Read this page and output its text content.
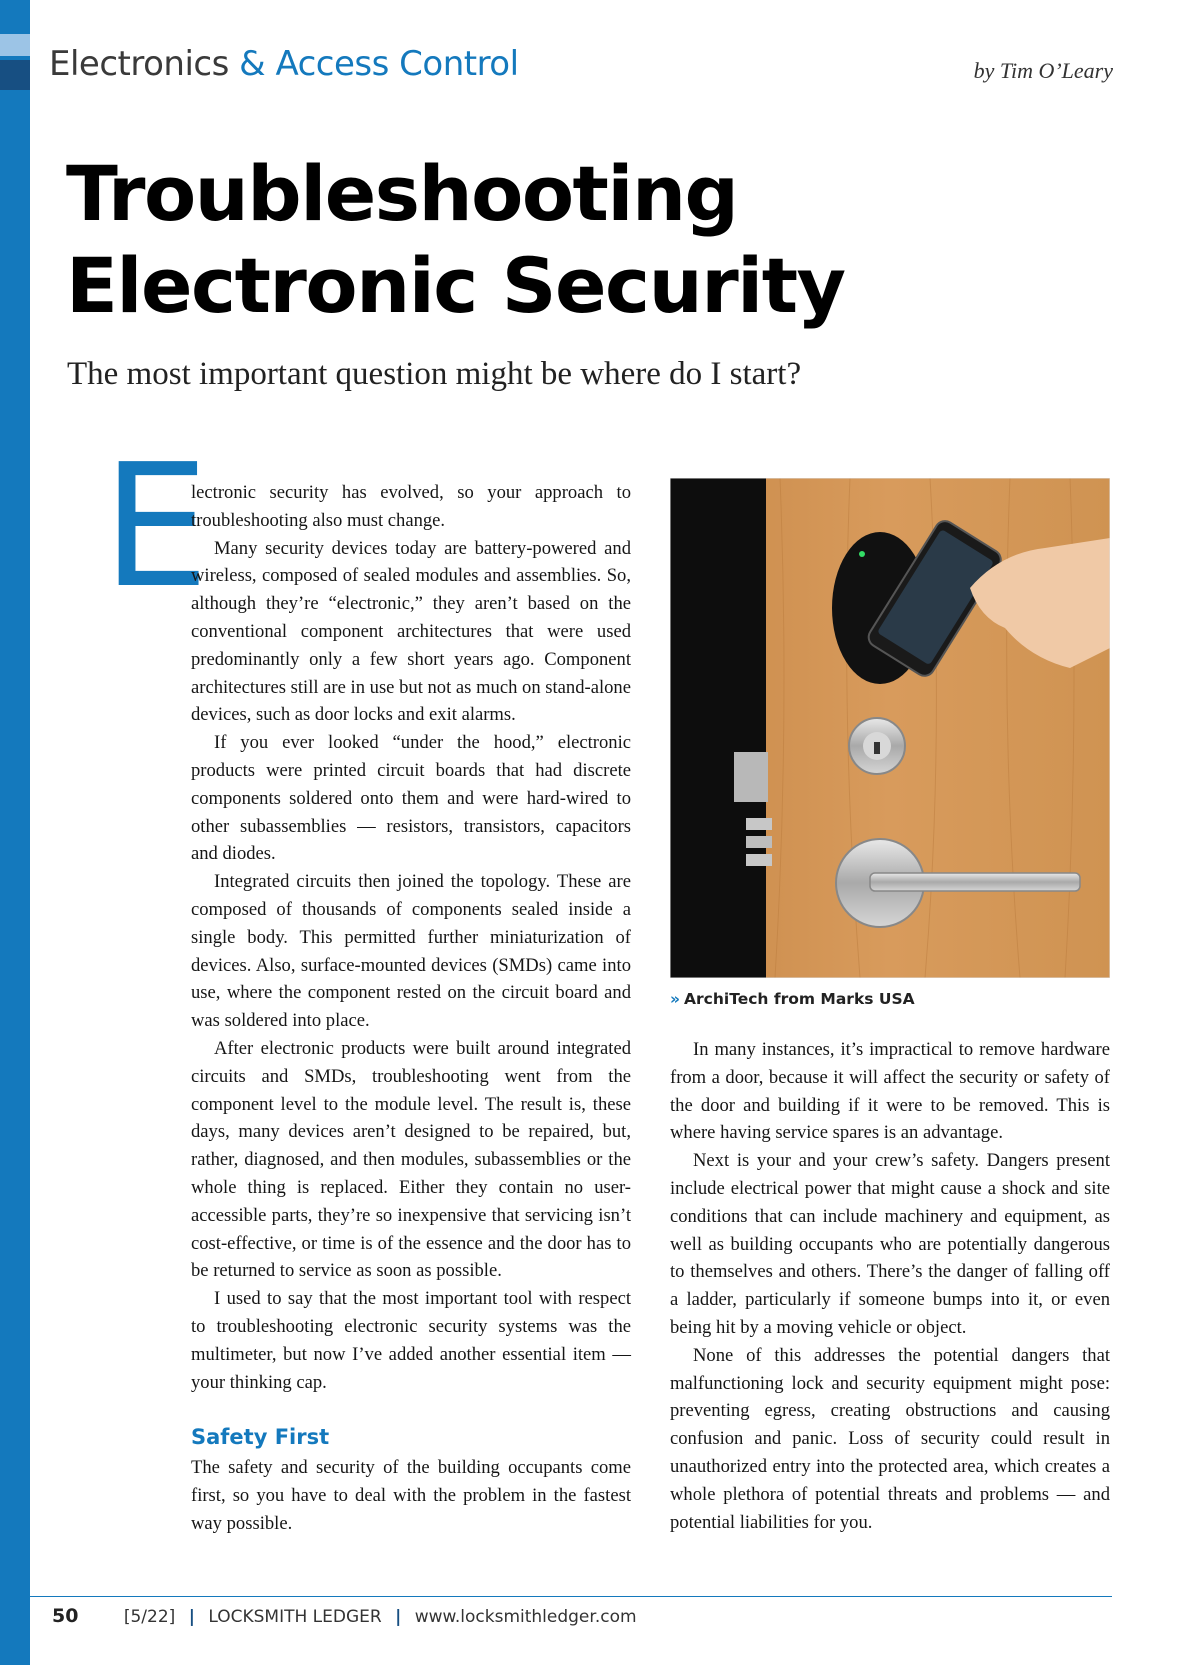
Electronics & Access Control	by Tim O’Leary
Troubleshooting
Electronic Security
The most important question might be where do I start?
E

lectronic security has evolved, so your approach to troubleshooting also must change.

Many security devices today are battery-powered and wireless, composed of sealed modules and assemblies. So, although they’re “electronic,” they aren’t based on the conventional component architectures that were used predominantly only a few short years ago. Component architectures still are in use but not as much on stand-alone devices, such as door locks and exit alarms.

If you ever looked “under the hood,” electronic products were printed circuit boards that had discrete components soldered onto them and were hard-wired to other subassemblies — resistors, transistors, capacitors and diodes.

Integrated circuits then joined the topology. These are composed of thousands of components sealed inside a single body. This permitted further miniaturization of devices. Also, surface-mounted devices (SMDs) came into use, where the component rested on the circuit board and was soldered into place.

After electronic products were built around integrated circuits and SMDs, troubleshooting went from the component level to the module level. The result is, these days, many devices aren’t designed to be repaired, but, rather, diagnosed, and then modules, subassemblies or the whole thing is replaced. Either they contain no user-accessible parts, they’re so inexpensive that servicing isn’t cost-effective, or time is of the essence and the door has to be returned to service as soon as possible.

I used to say that the most important tool with respect to troubleshooting electronic security systems was the multimeter, but now I’ve added another essential item — your thinking cap.

Safety First

The safety and security of the building occupants come first, so you have to deal with the problem in the fastest way possible.

» ArchiTech from Marks USA

In many instances, it’s impractical to remove hardware from a door, because it will affect the security or safety of the door and building if it were to be removed. This is where having service spares is an advantage.

Next is your and your crew’s safety. Dangers present include electrical power that might cause a shock and site conditions that can include machinery and equipment, as well as building occupants who are potentially dangerous to themselves and others. There’s the danger of falling off a ladder, particularly if someone bumps into it, or even being hit by a moving vehicle or object.

None of this addresses the potential dangers that malfunctioning lock and security equipment might pose: preventing egress, creating obstructions and causing confusion and panic. Loss of security could result in unauthorized entry into the protected area, which creates a whole plethora of potential threats and problems — and potential liabilities for you.

50	[5/22] | LOCKSMITH LEDGER | www.locksmithledger.com
